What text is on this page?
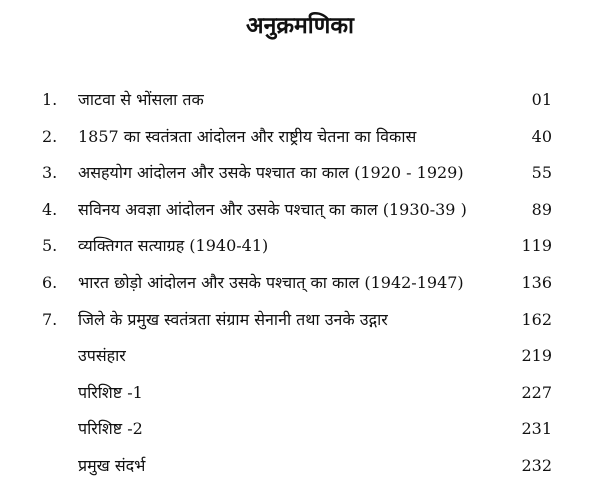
अनुक्रमणिका
1. जाटवा से भोंसला तक	01
2. 1857 का स्वतंत्रता आंदोलन और राष्ट्रीय चेतना का विकास	40
3. असहयोग आंदोलन और उसके पश्चात का काल (1920 - 1929)	55
4. सविनय अवज्ञा आंदोलन और उसके पश्चात् का काल (1930-39 )	89
5. व्यक्तिगत सत्याग्रह (1940-41)	119
6. भारत छोड़ो आंदोलन और उसके पश्चात् का काल (1942-1947)	136
7. जिले के प्रमुख स्वतंत्रता संग्राम सेनानी तथा उनके उद्गार	162
उपसंहार	219
परिशिष्ट -1	227
परिशिष्ट -2	231
प्रमुख संदर्भ	232
